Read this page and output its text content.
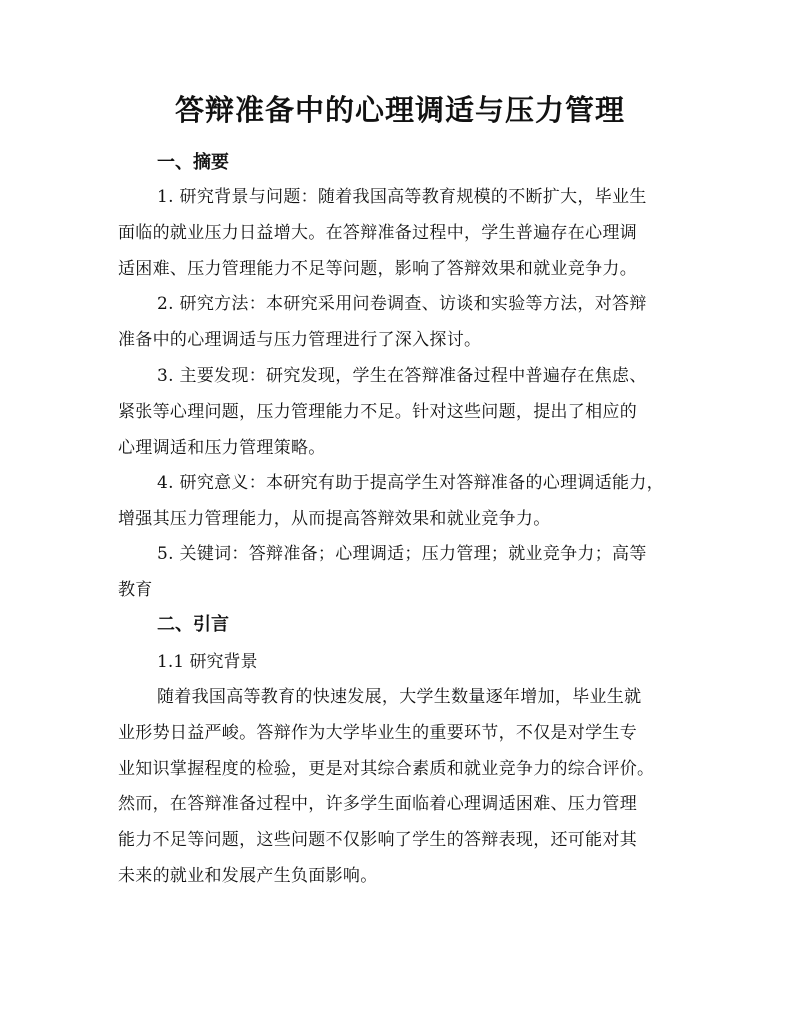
答辩准备中的心理调适与压力管理
一、摘要
1. 研究背景与问题：随着我国高等教育规模的不断扩大，毕业生
面临的就业压力日益增大。在答辩准备过程中，学生普遍存在心理调
适困难、压力管理能力不足等问题，影响了答辩效果和就业竞争力。
2. 研究方法：本研究采用问卷调查、访谈和实验等方法，对答辩
准备中的心理调适与压力管理进行了深入探讨。
3. 主要发现：研究发现，学生在答辩准备过程中普遍存在焦虑、
紧张等心理问题，压力管理能力不足。针对这些问题，提出了相应的
心理调适和压力管理策略。
4. 研究意义：本研究有助于提高学生对答辩准备的心理调适能力，
增强其压力管理能力，从而提高答辩效果和就业竞争力。
5. 关键词：答辩准备；心理调适；压力管理；就业竞争力；高等
教育
二、引言
1.1 研究背景
随着我国高等教育的快速发展，大学生数量逐年增加，毕业生就
业形势日益严峻。答辩作为大学毕业生的重要环节，不仅是对学生专
业知识掌握程度的检验，更是对其综合素质和就业竞争力的综合评价。
然而，在答辩准备过程中，许多学生面临着心理调适困难、压力管理
能力不足等问题，这些问题不仅影响了学生的答辩表现，还可能对其
未来的就业和发展产生负面影响。
